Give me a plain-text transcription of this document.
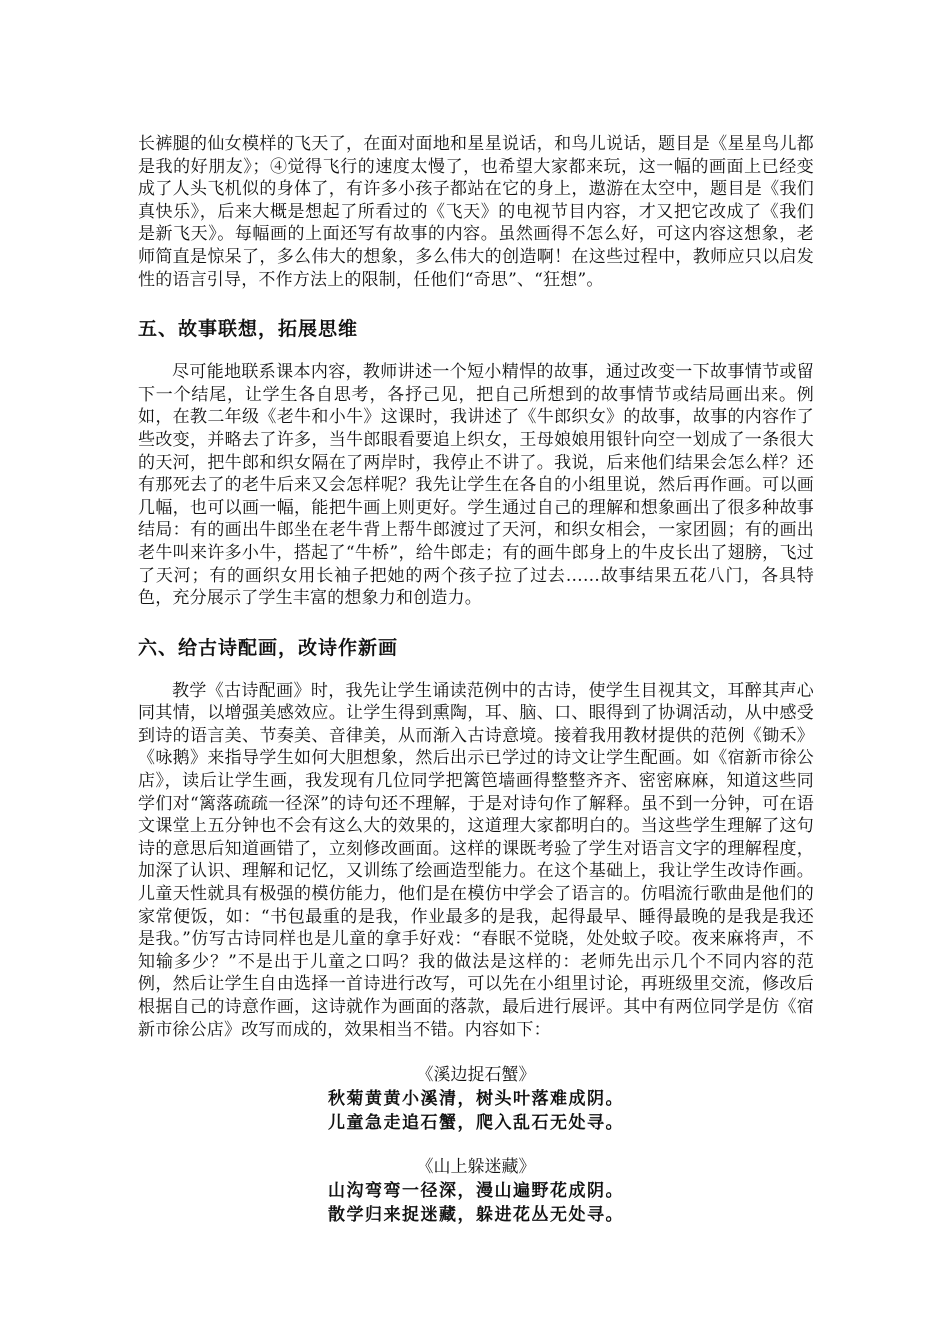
长裤腿的仙女模样的飞天了，在面对面地和星星说话，和鸟儿说话，题目是《星星鸟儿都是我的好朋友》；④觉得飞行的速度太慢了，也希望大家都来玩，这一幅的画面上已经变成了人头飞机似的身体了，有许多小孩子都站在它的身上，遨游在太空中，题目是《我们真快乐》，后来大概是想起了所看过的《飞天》的电视节目内容，才又把它改成了《我们是新飞天》。每幅画的上面还写有故事的内容。虽然画得不怎么好，可这内容这想象，老师简直是惊呆了，多么伟大的想象，多么伟大的创造啊！在这些过程中，教师应只以启发性的语言引导，不作方法上的限制，任他们“奇思”、“狂想”。

五、故事联想，拓展思维

尽可能地联系课本内容，教师讲述一个短小精悍的故事，通过改变一下故事情节或留下一个结尾，让学生各自思考，各抒己见，把自己所想到的故事情节或结局画出来。例如，在教二年级《老牛和小牛》这课时，我讲述了《牛郎织女》的故事，故事的内容作了些改变，并略去了许多，当牛郎眼看要追上织女，王母娘娘用银针向空一划成了一条很大的天河，把牛郎和织女隔在了两岸时，我停止不讲了。我说，后来他们结果会怎么样？还有那死去了的老牛后来又会怎样呢？我先让学生在各自的小组里说，然后再作画。可以画几幅，也可以画一幅，能把牛画上则更好。学生通过自己的理解和想象画出了很多种故事结局：有的画出牛郎坐在老牛背上帮牛郎渡过了天河，和织女相会，一家团圆；有的画出老牛叫来许多小牛，搭起了“牛桥”，给牛郎走；有的画牛郎身上的牛皮长出了翅膀，飞过了天河；有的画织女用长袖子把她的两个孩子拉了过去……故事结果五花八门，各具特色，充分展示了学生丰富的想象力和创造力。

六、给古诗配画，改诗作新画

教学《古诗配画》时，我先让学生诵读范例中的古诗，使学生目视其文，耳醉其声心同其情，以增强美感效应。让学生得到熏陶，耳、脑、口、眼得到了协调活动，从中感受到诗的语言美、节奏美、音律美，从而渐入古诗意境。接着我用教材提供的范例《锄禾》《咏鹅》来指导学生如何大胆想象，然后出示已学过的诗文让学生配画。如《宿新市徐公店》，读后让学生画，我发现有几位同学把篱笆墙画得整整齐齐、密密麻麻，知道这些同学们对“篱落疏疏一径深”的诗句还不理解，于是对诗句作了解释。虽不到一分钟，可在语文课堂上五分钟也不会有这么大的效果的，这道理大家都明白的。当这些学生理解了这句诗的意思后知道画错了，立刻修改画面。这样的课既考验了学生对语言文字的理解程度，加深了认识、理解和记忆，又训练了绘画造型能力。在这个基础上，我让学生改诗作画。儿童天性就具有极强的模仿能力，他们是在模仿中学会了语言的。仿唱流行歌曲是他们的家常便饭，如：“书包最重的是我，作业最多的是我，起得最早、睡得最晚的是我是我还是我。”仿写古诗同样也是儿童的拿手好戏：“春眠不觉晓，处处蚊子咬。夜来麻将声，不知输多少？”不是出于儿童之口吗？我的做法是这样的：老师先出示几个不同内容的范例，然后让学生自由选择一首诗进行改写，可以先在小组里讨论，再班级里交流，修改后根据自己的诗意作画，这诗就作为画面的落款，最后进行展评。其中有两位同学是仿《宿新市徐公店》改写而成的，效果相当不错。内容如下：

《溪边捉石蟹》

秋菊黄黄小溪清，树头叶落难成阴。

儿童急走追石蟹，爬入乱石无处寻。

《山上躲迷藏》

山沟弯弯一径深，漫山遍野花成阴。

散学归来捉迷藏，躲进花丛无处寻。
